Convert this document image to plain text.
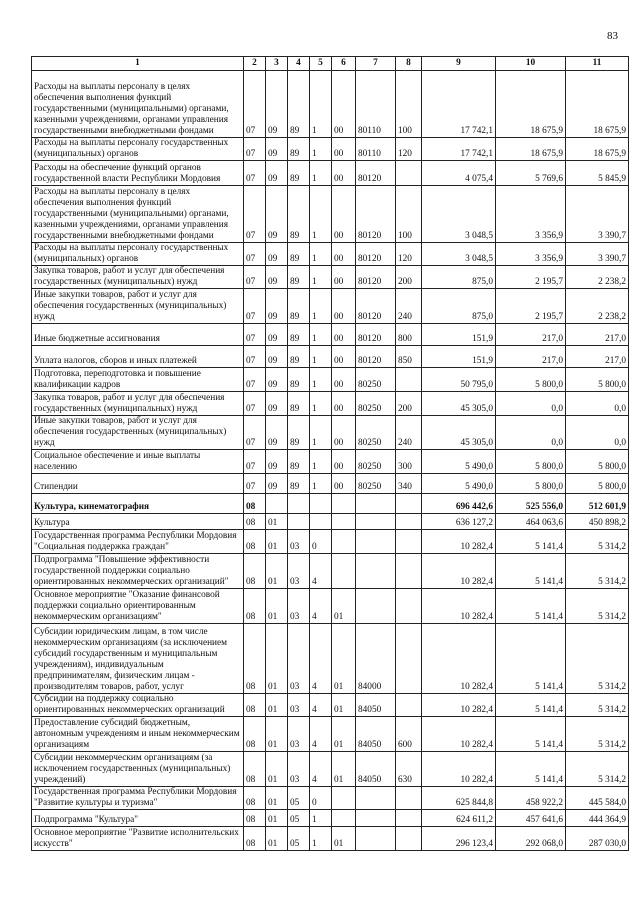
83
1	2	3	4	5	6	7	8	9	10	11
Расходы на выплаты персоналу в целях обеспечения выполнения функций государственными (муниципальными) органами, казенными учреждениями, органами управления государственными внебюджетными фондами	07	09	89	1	00	80110	100	17 742,1	18 675,9	18 675,9
Расходы на выплаты персоналу государственных (муниципальных) органов	07	09	89	1	00	80110	120	17 742,1	18 675,9	18 675,9
Расходы на обеспечение функций органов государственной власти Республики Мордовия	07	09	89	1	00	80120		4 075,4	5 769,6	5 845,9
Расходы на выплаты персоналу в целях обеспечения выполнения функций государственными (муниципальными) органами, казенными учреждениями, органами управления государственными внебюджетными фондами	07	09	89	1	00	80120	100	3 048,5	3 356,9	3 390,7
Расходы на выплаты персоналу государственных (муниципальных) органов	07	09	89	1	00	80120	120	3 048,5	3 356,9	3 390,7
Закупка товаров, работ и услуг для обеспечения государственных (муниципальных) нужд	07	09	89	1	00	80120	200	875,0	2 195,7	2 238,2
Иные закупки товаров, работ и услуг для обеспечения государственных (муниципальных) нужд	07	09	89	1	00	80120	240	875,0	2 195,7	2 238,2
Иные бюджетные ассигнования	07	09	89	1	00	80120	800	151,9	217,0	217,0
Уплата налогов, сборов и иных платежей	07	09	89	1	00	80120	850	151,9	217,0	217,0
Подготовка, переподготовка и повышение квалификации кадров	07	09	89	1	00	80250		50 795,0	5 800,0	5 800,0
Закупка товаров, работ и услуг для обеспечения государственных (муниципальных) нужд	07	09	89	1	00	80250	200	45 305,0	0,0	0,0
Иные закупки товаров, работ и услуг для обеспечения государственных (муниципальных) нужд	07	09	89	1	00	80250	240	45 305,0	0,0	0,0
Социальное обеспечение и иные выплаты населению	07	09	89	1	00	80250	300	5 490,0	5 800,0	5 800,0
Стипендии	07	09	89	1	00	80250	340	5 490,0	5 800,0	5 800,0
Культура, кинематография	08							696 442,6	525 556,0	512 601,9
Культура	08	01						636 127,2	464 063,6	450 898,2
Государственная программа Республики Мордовия "Социальная поддержка граждан"	08	01	03	0				10 282,4	5 141,4	5 314,2
Подпрограмма "Повышение эффективности государственной поддержки социально ориентированных некоммерческих организаций"	08	01	03	4				10 282,4	5 141,4	5 314,2
Основное мероприятие "Оказание финансовой поддержки социально ориентированным некоммерческим организациям"	08	01	03	4	01			10 282,4	5 141,4	5 314,2
Субсидии юридическим лицам, в том числе некоммерческим организациям (за исключением субсидий государственным и муниципальным учреждениям), индивидуальным предпринимателям, физическим лицам - производителям товаров, работ, услуг	08	01	03	4	01	84000		10 282,4	5 141,4	5 314,2
Субсидии на поддержку социально ориентированных некоммерческих организаций	08	01	03	4	01	84050		10 282,4	5 141,4	5 314,2
Предоставление субсидий бюджетным, автономным учреждениям и иным некоммерческим организациям	08	01	03	4	01	84050	600	10 282,4	5 141,4	5 314,2
Субсидии некоммерческим организациям (за исключением государственных (муниципальных) учреждений)	08	01	03	4	01	84050	630	10 282,4	5 141,4	5 314,2
Государственная программа Республики Мордовия "Развитие культуры и туризма"	08	01	05	0				625 844,8	458 922,2	445 584,0
Подпрограмма "Культура"	08	01	05	1				624 611,2	457 641,6	444 364,9
Основное мероприятие "Развитие исполнительских искусств"	08	01	05	1	01			296 123,4	292 068,0	287 030,0
